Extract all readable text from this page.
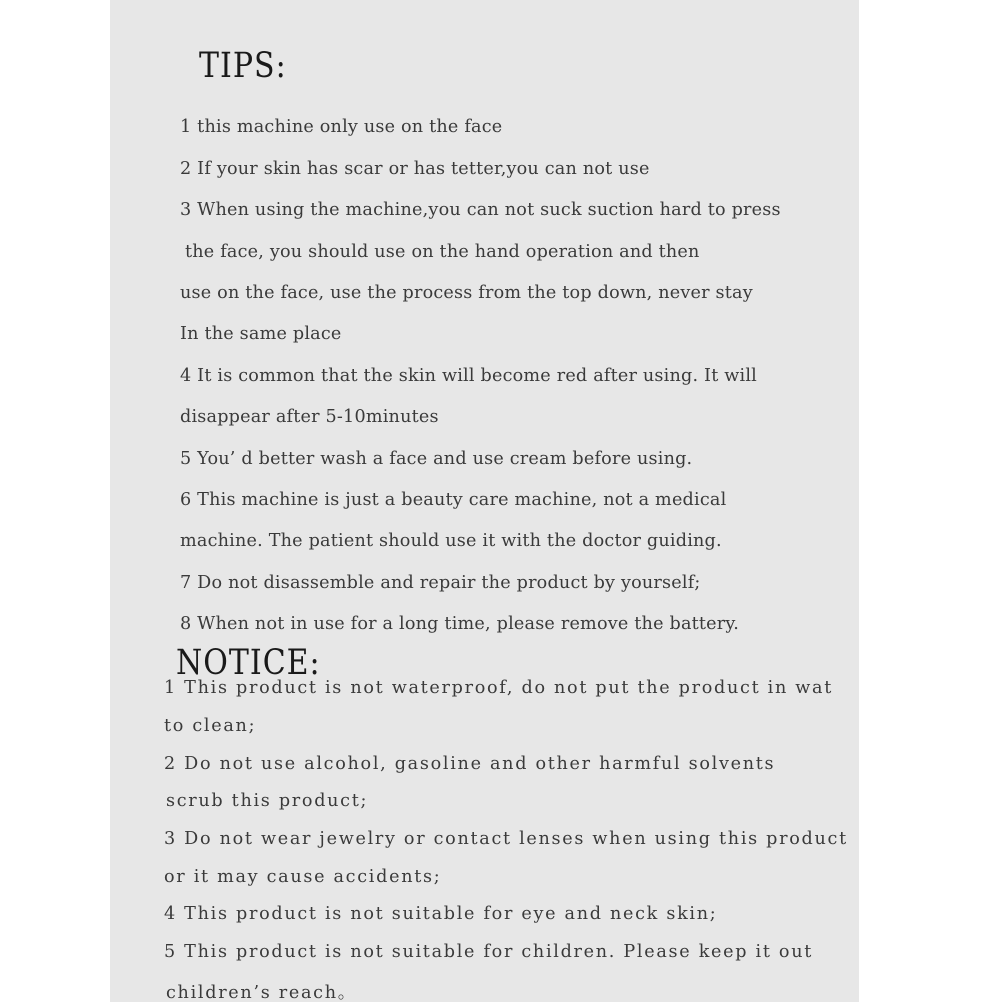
TIPS:
1 this machine only use on the face
2 If your skin has scar or has tetter,you can not use
3 When using the machine,you can not suck suction hard to press
the face, you should use on the hand operation and then
use on the face, use the process from the top down, never stay
In the same place
4 It is common that the skin will become red after using. It will
disappear after 5-10minutes
5 You’ d better wash a face and use cream before using.
6 This machine is just a beauty care machine, not a medical
machine. The patient should use it with the doctor guiding.
7 Do not disassemble and repair the product by yourself;
8 When not in use for a long time, please remove the battery.
NOTICE:
1 This product is not waterproof, do not put the product in wat
to clean;
2 Do not use alcohol, gasoline and other harmful solvents
scrub this product;
3 Do not wear jewelry or contact lenses when using this product
or it may cause accidents;
4 This product is not suitable for eye and neck skin;
5 This product is not suitable for children. Please keep it out
children’s reach。
